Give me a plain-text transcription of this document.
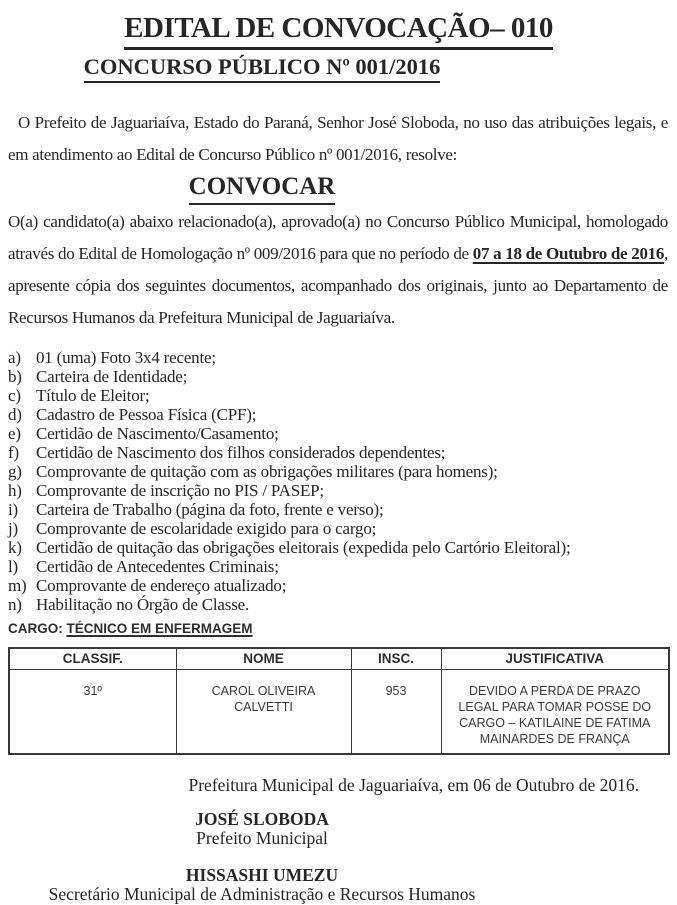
EDITAL DE CONVOCAÇÃO– 010
CONCURSO PÚBLICO Nº 001/2016

O Prefeito de Jaguariaíva, Estado do Paraná, Senhor José Sloboda, no uso das atribuições legais, e em atendimento ao Edital de Concurso Público nº 001/2016, resolve:

CONVOCAR

O(a) candidato(a) abaixo relacionado(a), aprovado(a) no Concurso Público Municipal, homologado através do Edital de Homologação nº 009/2016 para que no período de 07 a 18 de Outubro de 2016, apresente cópia dos seguintes documentos, acompanhado dos originais, junto ao Departamento de Recursos Humanos da Prefeitura Municipal de Jaguariaíva.

a) 01 (uma) Foto 3x4 recente;
b) Carteira de Identidade;
c) Título de Eleitor;
d) Cadastro de Pessoa Física (CPF);
e) Certidão de Nascimento/Casamento;
f)	Certidão de Nascimento dos filhos considerados dependentes;
g) Comprovante de quitação com as obrigações militares (para homens);
h) Comprovante de inscrição no PIS / PASEP;
i)	Carteira de Trabalho (página da foto, frente e verso);
j)	Comprovante de escolaridade exigido para o cargo;
k) Certidão de quitação das obrigações eleitorais (expedida pelo Cartório Eleitoral);
l)	Certidão de Antecedentes Criminais;
m) Comprovante de endereço atualizado;
n) Habilitação no Órgão de Classe.
CARGO: TÉCNICO EM ENFERMAGEM
CLASSIF.	NOME	INSC.	JUSTIFICATIVA
31º	CAROL OLIVEIRA CALVETTI	953	DEVIDO A PERDA DE PRAZO LEGAL PARA TOMAR POSSE DO CARGO – KATILAINE DE FATIMA MAINARDES DE FRANÇA
Prefeitura Municipal de Jaguariaíva, em 06 de Outubro de 2016.
JOSÉ SLOBODA
Prefeito Municipal
HISSASHI UMEZU
Secretário Municipal de Administração e Recursos Humanos
